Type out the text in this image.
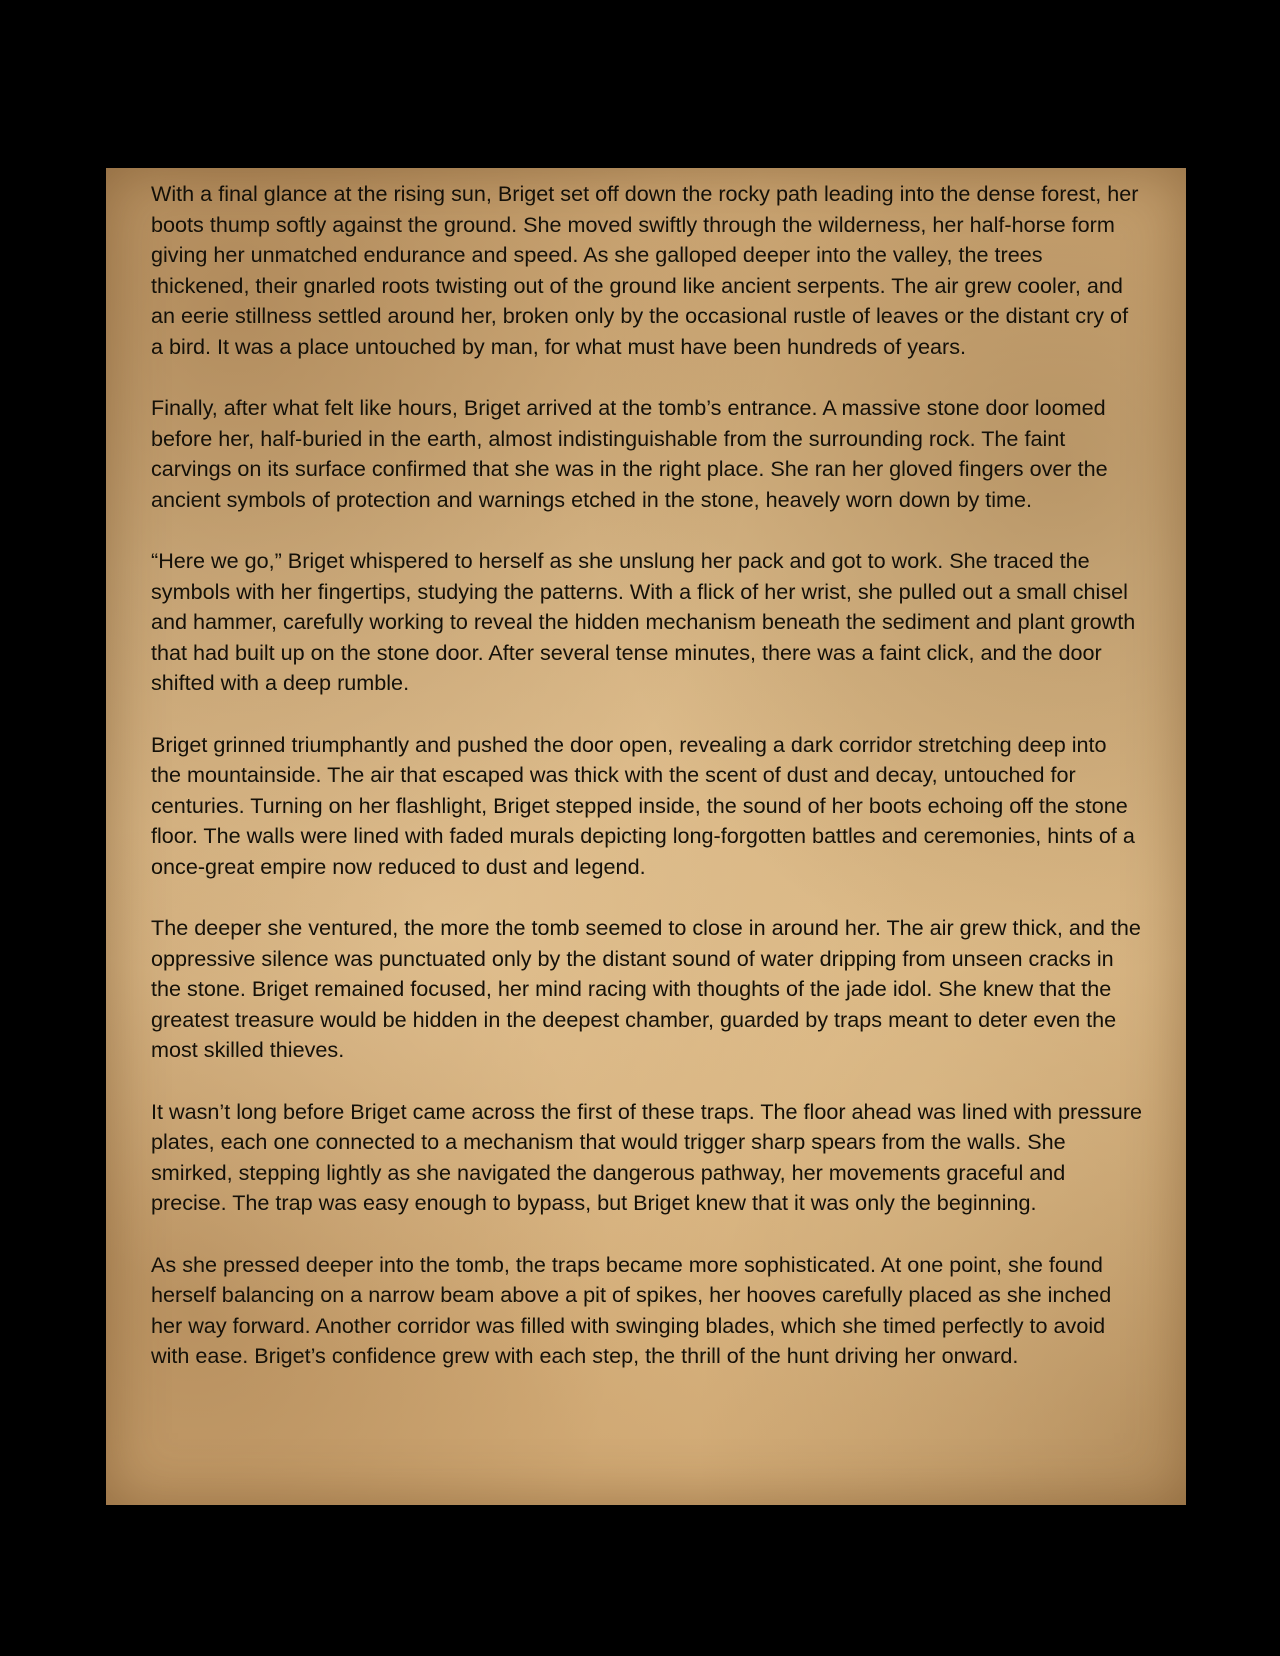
With a final glance at the rising sun, Briget set off down the rocky path leading into the dense forest, her boots thump softly against the ground. She moved swiftly through the wilderness, her half-horse form giving her unmatched endurance and speed. As she galloped deeper into the valley, the trees thickened, their gnarled roots twisting out of the ground like ancient serpents. The air grew cooler, and an eerie stillness settled around her, broken only by the occasional rustle of leaves or the distant cry of a bird. It was a place untouched by man, for what must have been hundreds of years.

Finally, after what felt like hours, Briget arrived at the tomb’s entrance. A massive stone door loomed before her, half-buried in the earth, almost indistinguishable from the surrounding rock. The faint carvings on its surface confirmed that she was in the right place. She ran her gloved fingers over the ancient symbols of protection and warnings etched in the stone, heavely worn down by time.

“Here we go,” Briget whispered to herself as she unslung her pack and got to work. She traced the symbols with her fingertips, studying the patterns. With a flick of her wrist, she pulled out a small chisel and hammer, carefully working to reveal the hidden mechanism beneath the sediment and plant growth that had built up on the stone door. After several tense minutes, there was a faint click, and the door shifted with a deep rumble.

Briget grinned triumphantly and pushed the door open, revealing a dark corridor stretching deep into the mountainside. The air that escaped was thick with the scent of dust and decay, untouched for centuries. Turning on her flashlight, Briget stepped inside, the sound of her boots echoing off the stone floor. The walls were lined with faded murals depicting long-forgotten battles and ceremonies, hints of a once-great empire now reduced to dust and legend.

The deeper she ventured, the more the tomb seemed to close in around her. The air grew thick, and the oppressive silence was punctuated only by the distant sound of water dripping from unseen cracks in the stone. Briget remained focused, her mind racing with thoughts of the jade idol. She knew that the greatest treasure would be hidden in the deepest chamber, guarded by traps meant to deter even the most skilled thieves.

It wasn’t long before Briget came across the first of these traps. The floor ahead was lined with pressure plates, each one connected to a mechanism that would trigger sharp spears from the walls. She smirked, stepping lightly as she navigated the dangerous pathway, her movements graceful and precise. The trap was easy enough to bypass, but Briget knew that it was only the beginning.

As she pressed deeper into the tomb, the traps became more sophisticated. At one point, she found herself balancing on a narrow beam above a pit of spikes, her hooves carefully placed as she inched her way forward. Another corridor was filled with swinging blades, which she timed perfectly to avoid with ease. Briget’s confidence grew with each step, the thrill of the hunt driving her onward.
